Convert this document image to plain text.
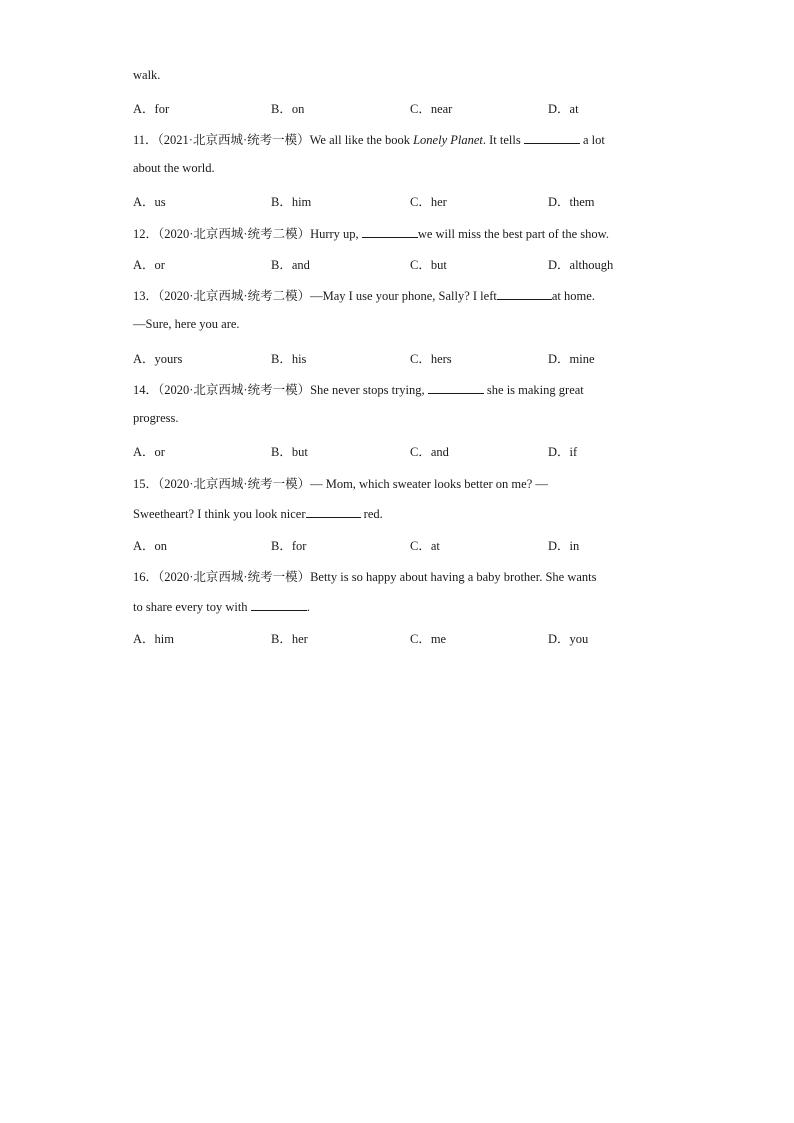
walk.
A．for	B．on	C．near	D．at
11．（2021·北京西城·统考一模）We all like the book Lonely Planet. It tells	a lot
about the world.
A．us	B．him	C．her	D．them
12．（2020·北京西城·统考二模）Hurry up,	we will miss the best part of the show.
A．or	B．and	C．but	D．although
13．（2020·北京西城·统考二模）—May I use your phone, Sally? I left	at home.
—Sure, here you are.
A．yours	B．his	C．hers	D．mine
14．（2020·北京西城·统考一模）She never stops trying,	she is making great
progress.
A．or	B．but	C．and	D．if
15．（2020·北京西城·统考一模）— Mom, which sweater looks better on me? —
Sweetheart? I think you look nicer	red.
A．on	B．for	C．at	D．in
16．（2020·北京西城·统考一模）Betty is so happy about having a baby brother. She wants
to share every toy with	.
A．him	B．her	C．me	D．you
